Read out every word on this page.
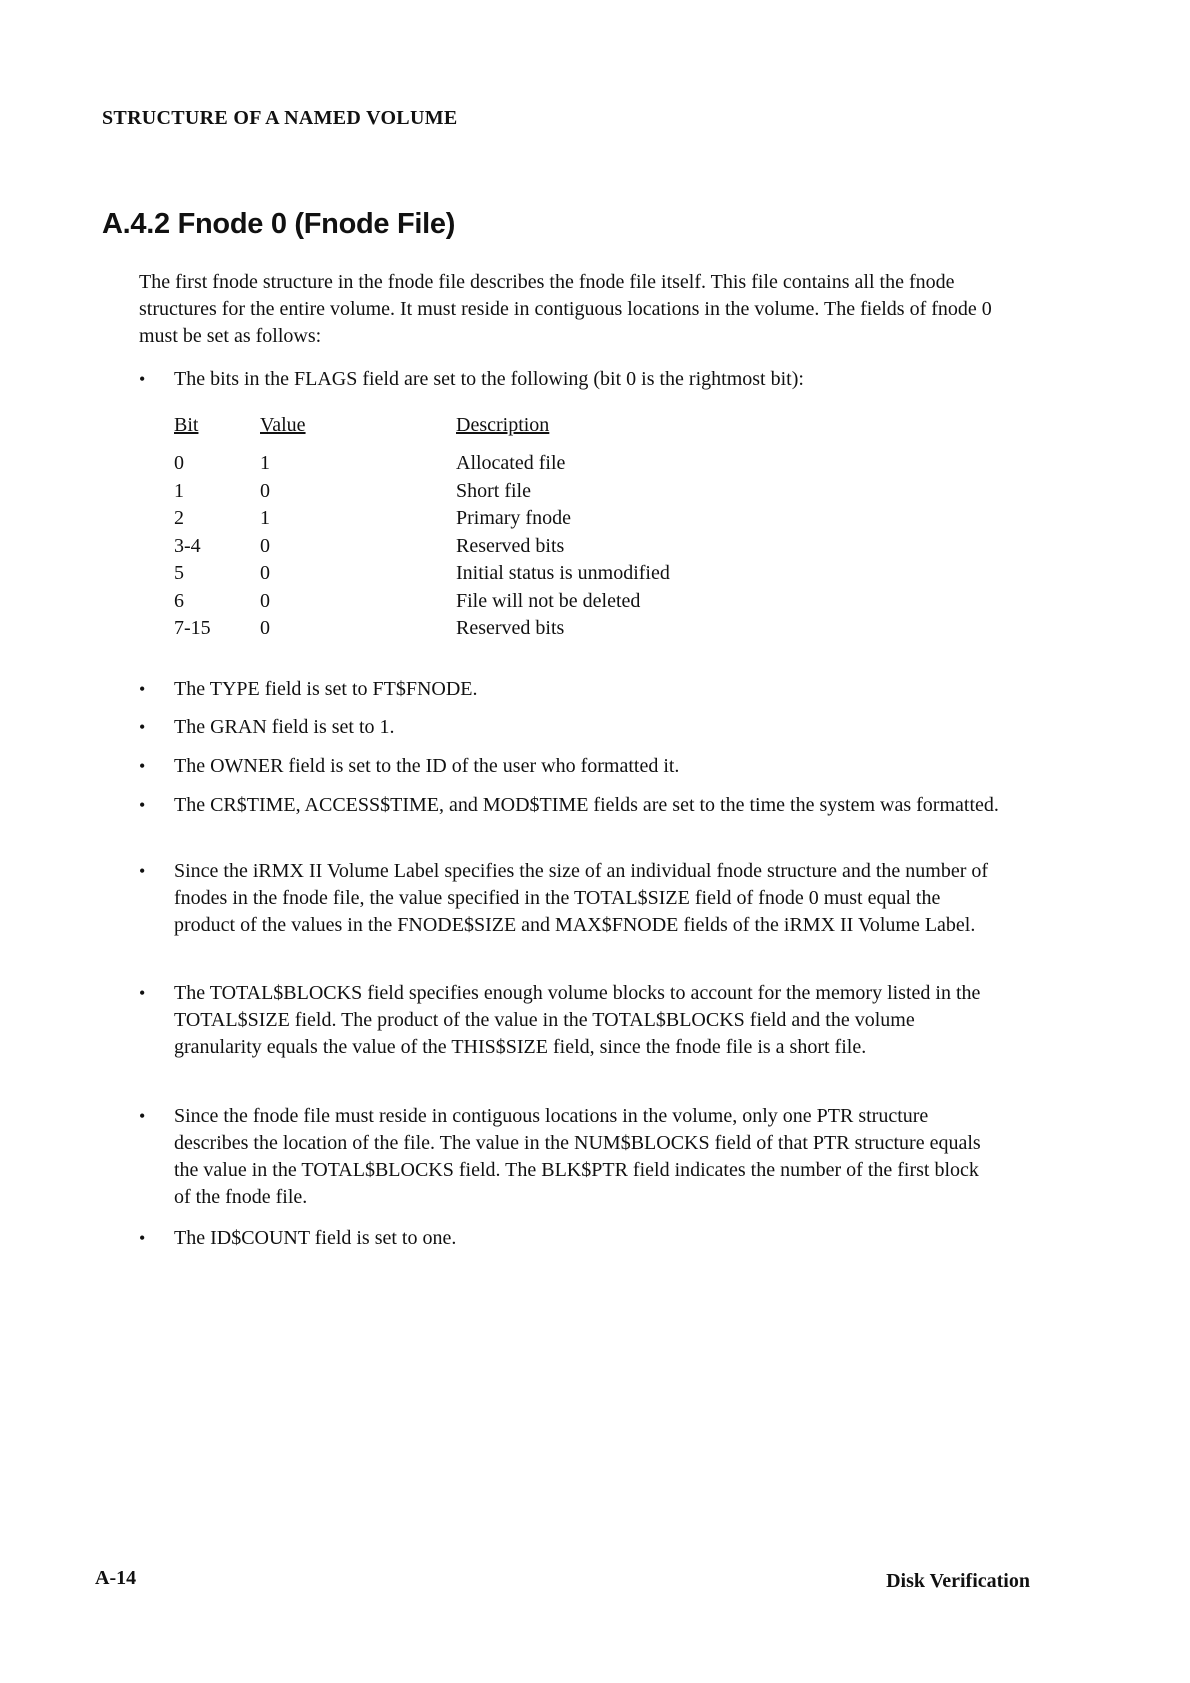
STRUCTURE OF A NAMED VOLUME
A.4.2 Fnode 0 (Fnode File)
The first fnode structure in the fnode file describes the fnode file itself. This file contains all the fnode structures for the entire volume. It must reside in contiguous locations in the volume. The fields of fnode 0 must be set as follows:
•	The bits in the FLAGS field are set to the following (bit 0 is the rightmost bit):
Bit	Value	Description
0	1	Allocated file
1	0	Short file
2	1	Primary fnode
3-4	0	Reserved bits
5	0	Initial status is unmodified
6	0	File will not be deleted
7-15	0	Reserved bits
•	The TYPE field is set to FT$FNODE.
•	The GRAN field is set to 1.
•	The OWNER field is set to the ID of the user who formatted it.
•	The CR$TIME, ACCESS$TIME, and MOD$TIME fields are set to the time the system was formatted.
•	Since the iRMX II Volume Label specifies the size of an individual fnode structure and the number of fnodes in the fnode file, the value specified in the TOTAL$SIZE field of fnode 0 must equal the product of the values in the FNODE$SIZE and MAX$FNODE fields of the iRMX II Volume Label.
•	The TOTAL$BLOCKS field specifies enough volume blocks to account for the memory listed in the TOTAL$SIZE field. The product of the value in the TOTAL$BLOCKS field and the volume granularity equals the value of the THIS$SIZE field, since the fnode file is a short file.
•	Since the fnode file must reside in contiguous locations in the volume, only one PTR structure describes the location of the file. The value in the NUM$BLOCKS field of that PTR structure equals the value in the TOTAL$BLOCKS field. The BLK$PTR field indicates the number of the first block of the fnode file.
•	The ID$COUNT field is set to one.
A-14	Disk Verification
